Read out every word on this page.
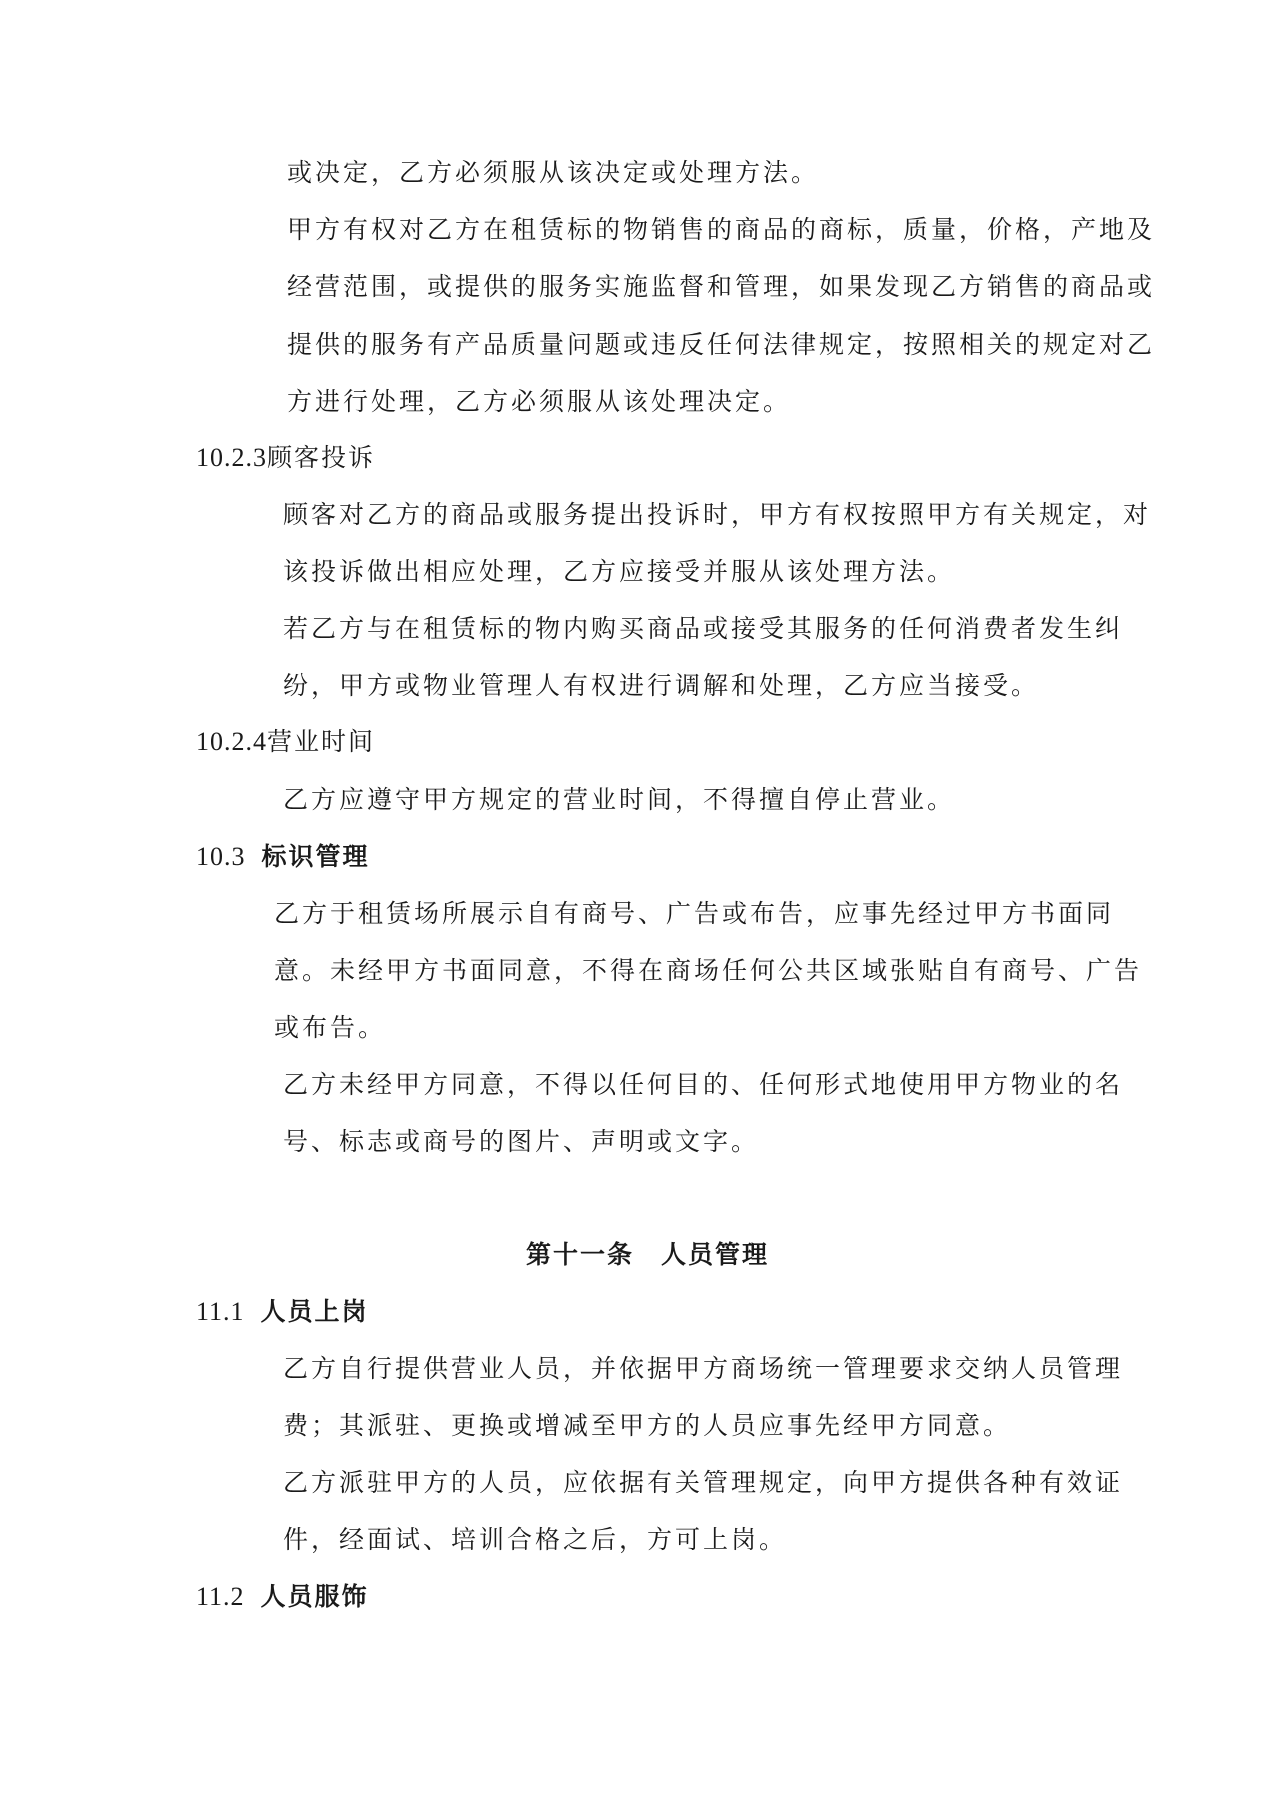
或决定，乙方必须服从该决定或处理方法。
甲方有权对乙方在租赁标的物销售的商品的商标，质量，价格，产地及
经营范围，或提供的服务实施监督和管理，如果发现乙方销售的商品或
提供的服务有产品质量问题或违反任何法律规定，按照相关的规定对乙
方进行处理，乙方必须服从该处理决定。
10.2.3顾客投诉
顾客对乙方的商品或服务提出投诉时，甲方有权按照甲方有关规定，对
该投诉做出相应处理，乙方应接受并服从该处理方法。
若乙方与在租赁标的物内购买商品或接受其服务的任何消费者发生纠
纷，甲方或物业管理人有权进行调解和处理，乙方应当接受。
10.2.4营业时间
乙方应遵守甲方规定的营业时间，不得擅自停止营业。
10.3 标识管理
乙方于租赁场所展示自有商号、广告或布告，应事先经过甲方书面同
意。未经甲方书面同意，不得在商场任何公共区域张贴自有商号、广告
或布告。
乙方未经甲方同意，不得以任何目的、任何形式地使用甲方物业的名
号、标志或商号的图片、声明或文字。
第十一条　人员管理
11.1 人员上岗
乙方自行提供营业人员，并依据甲方商场统一管理要求交纳人员管理
费；其派驻、更换或增减至甲方的人员应事先经甲方同意。
乙方派驻甲方的人员，应依据有关管理规定，向甲方提供各种有效证
件，经面试、培训合格之后，方可上岗。
11.2 人员服饰
